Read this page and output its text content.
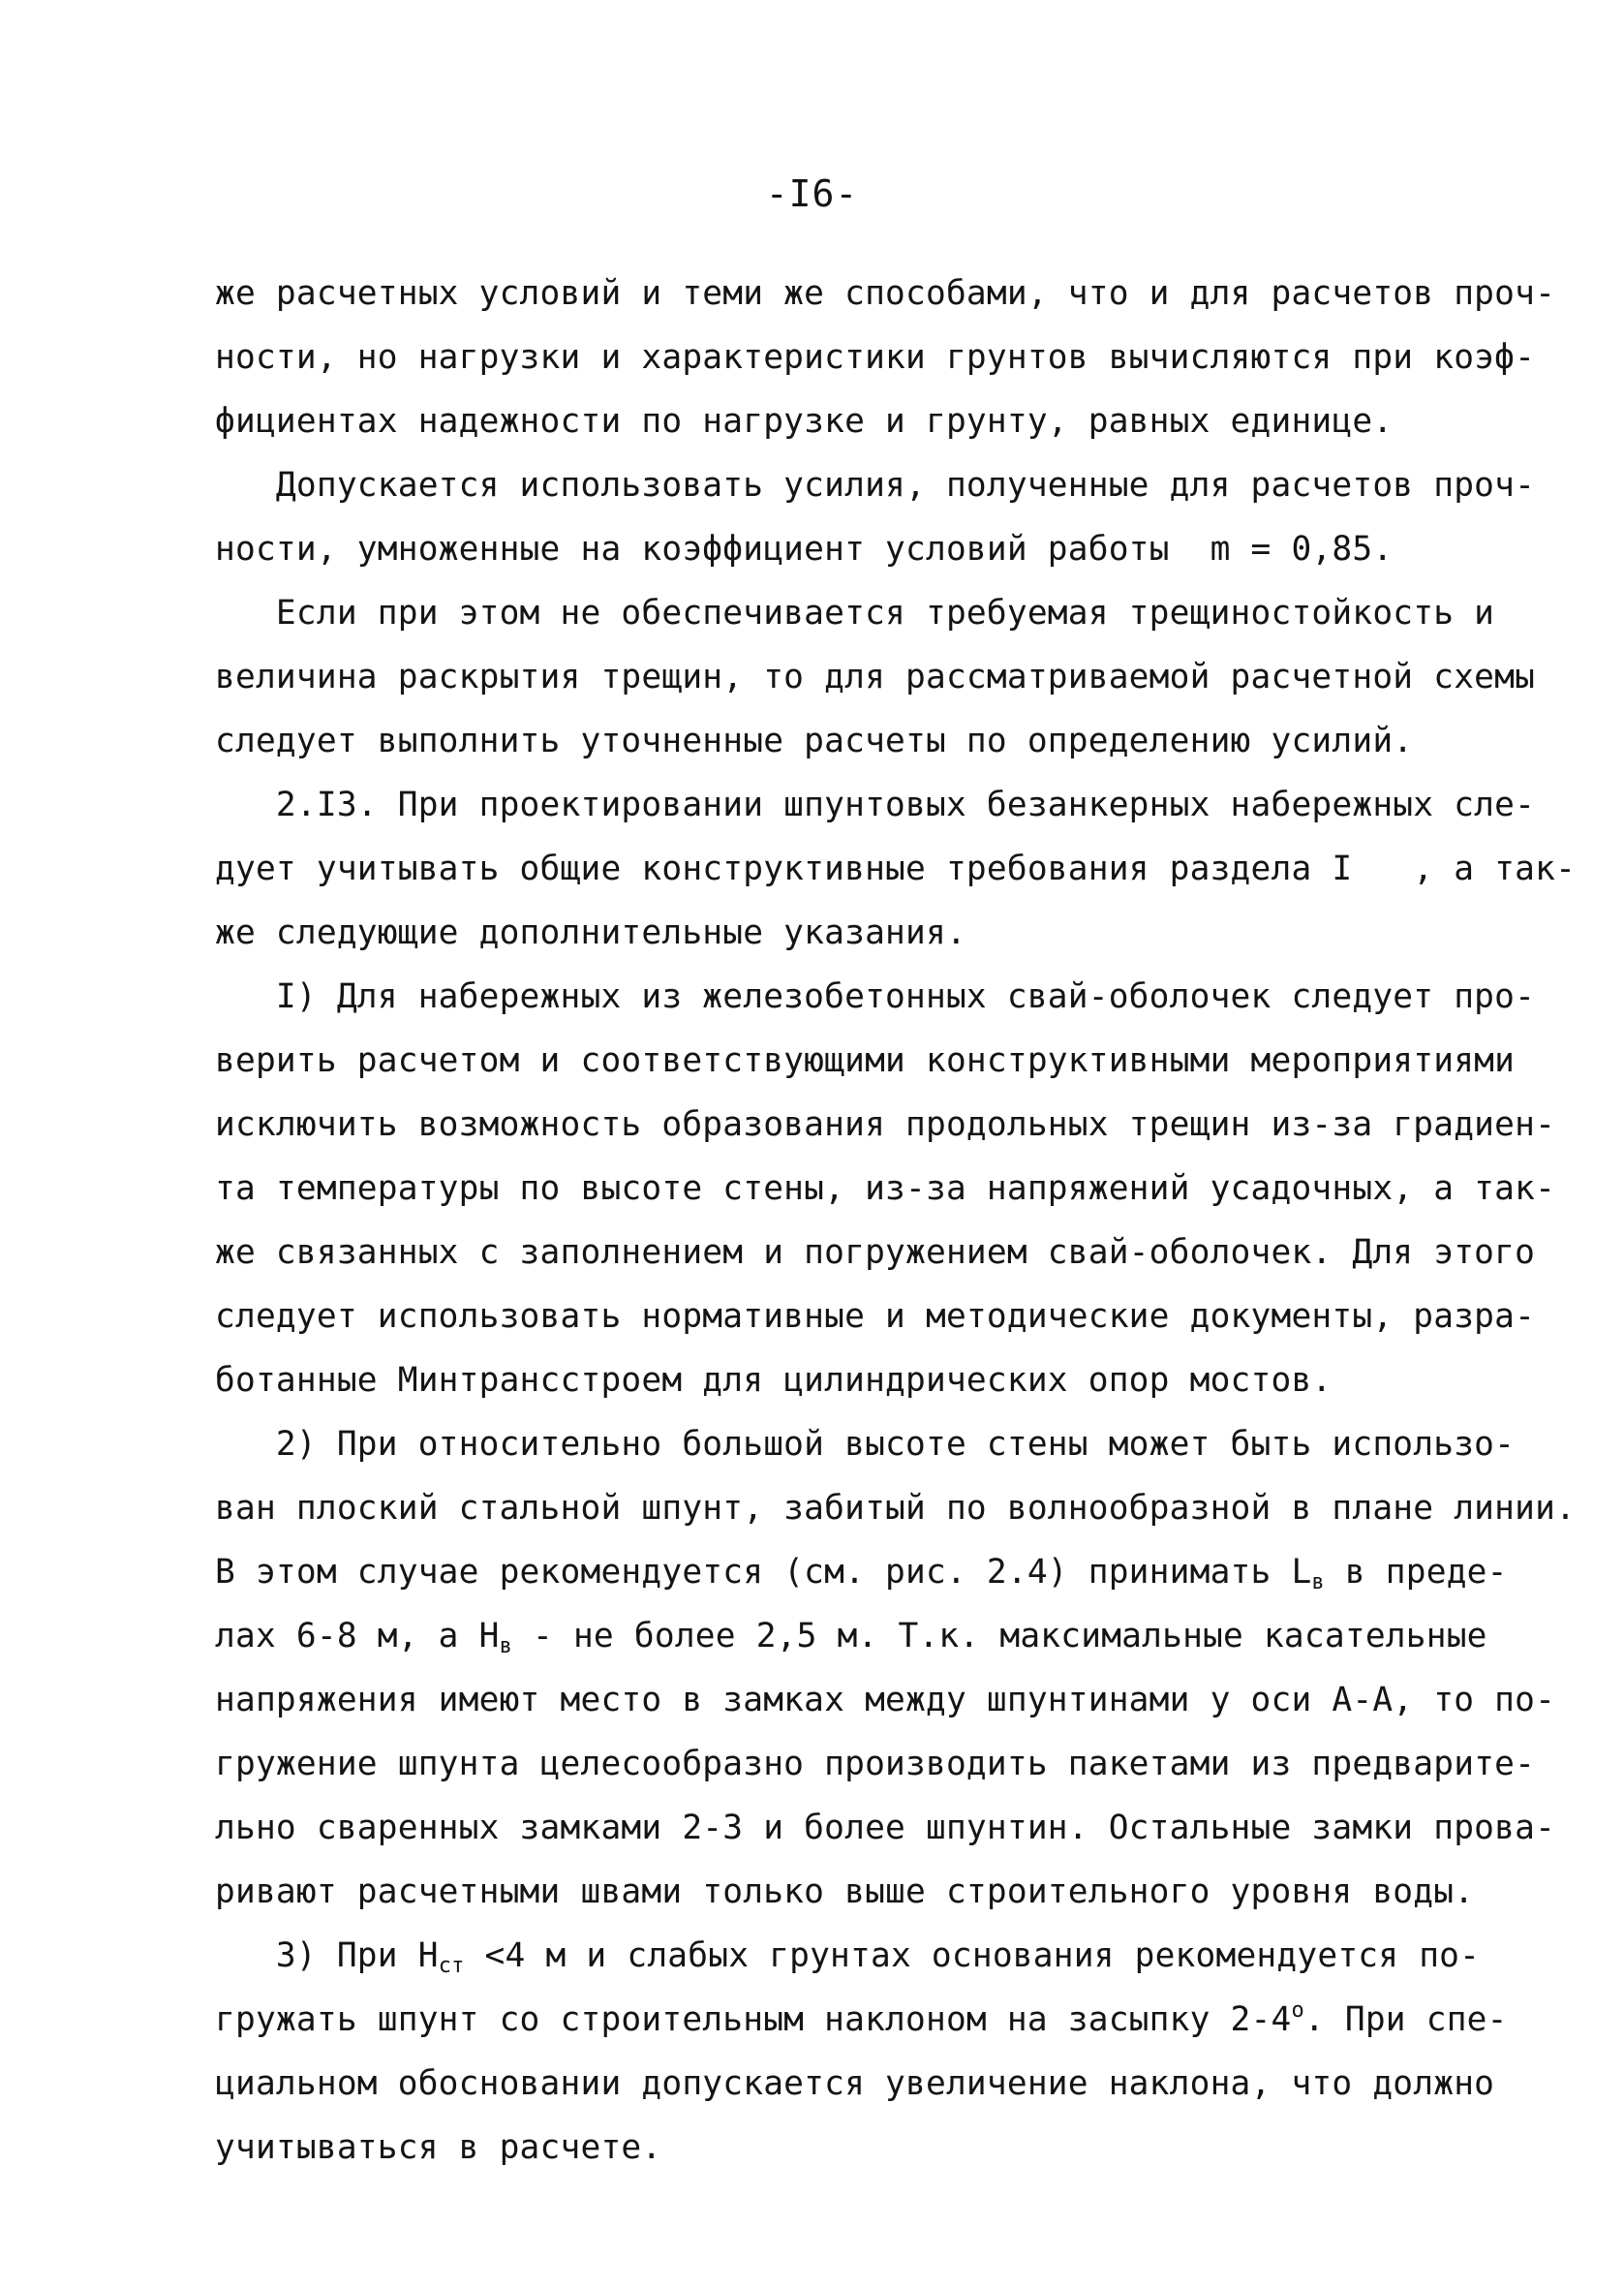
-I6-
же расчетных условий и теми же способами, что и для расчетов проч-
ности, но нагрузки и характеристики грунтов вычисляются при коэф-
фициентах надежности по нагрузке и грунту, равных единице.
Допускается использовать усилия, полученные для расчетов проч-
ности, умноженные на коэффициент условий работы  m = 0,85.
Если при этом не обеспечивается требуемая трещиностойкость и
величина раскрытия трещин, то для рассматриваемой расчетной схемы
следует выполнить уточненные расчеты по определению усилий.
2.I3. При проектировании шпунтовых безанкерных набережных сле-
дует учитывать общие конструктивные требования раздела I   , а так-
же следующие дополнительные указания.
I) Для набережных из железобетонных свай-оболочек следует про-
верить расчетом и соответствующими конструктивными мероприятиями
исключить возможность образования продольных трещин из-за градиен-
та температуры по высоте стены, из-за напряжений усадочных, а так-
же связанных с заполнением и погружением свай-оболочек. Для этого
следует использовать нормативные и методические документы, разра-
ботанные Минтрансстроем для цилиндрических опор мостов.
2) При относительно большой высоте стены может быть использо-
ван плоский стальной шпунт, забитый по волнообразной в плане линии.
В этом случае рекомендуется (см. рис. 2.4) принимать $L_в$ в преде-
лах 6-8 м, а $H_в$ - не более 2,5 м. Т.к. максимальные касательные
напряжения имеют место в замках между шпунтинами у оси А-А, то по-
гружение шпунта целесообразно производить пакетами из предварите-
льно сваренных замками 2-3 и более шпунтин. Остальные замки прова-
ривают расчетными швами только выше строительного уровня воды.
3) При $H_{ст} <4$ м и слабых грунтах основания рекомендуется по-
гружать шпунт со строительным наклоном на засыпку $2-4^о$. При спе-
циальном обосновании допускается увеличение наклона, что должно
учитываться в расчете.
